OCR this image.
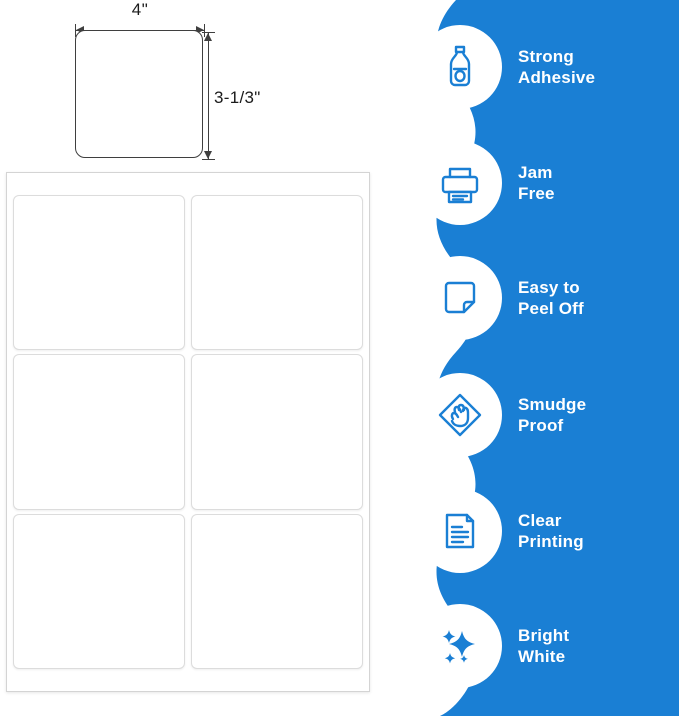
4"
3-1/3"
Strong
Adhesive
Jam
Free
Easy to
Peel Off
Smudge
Proof
Clear
Printing
Bright
White
